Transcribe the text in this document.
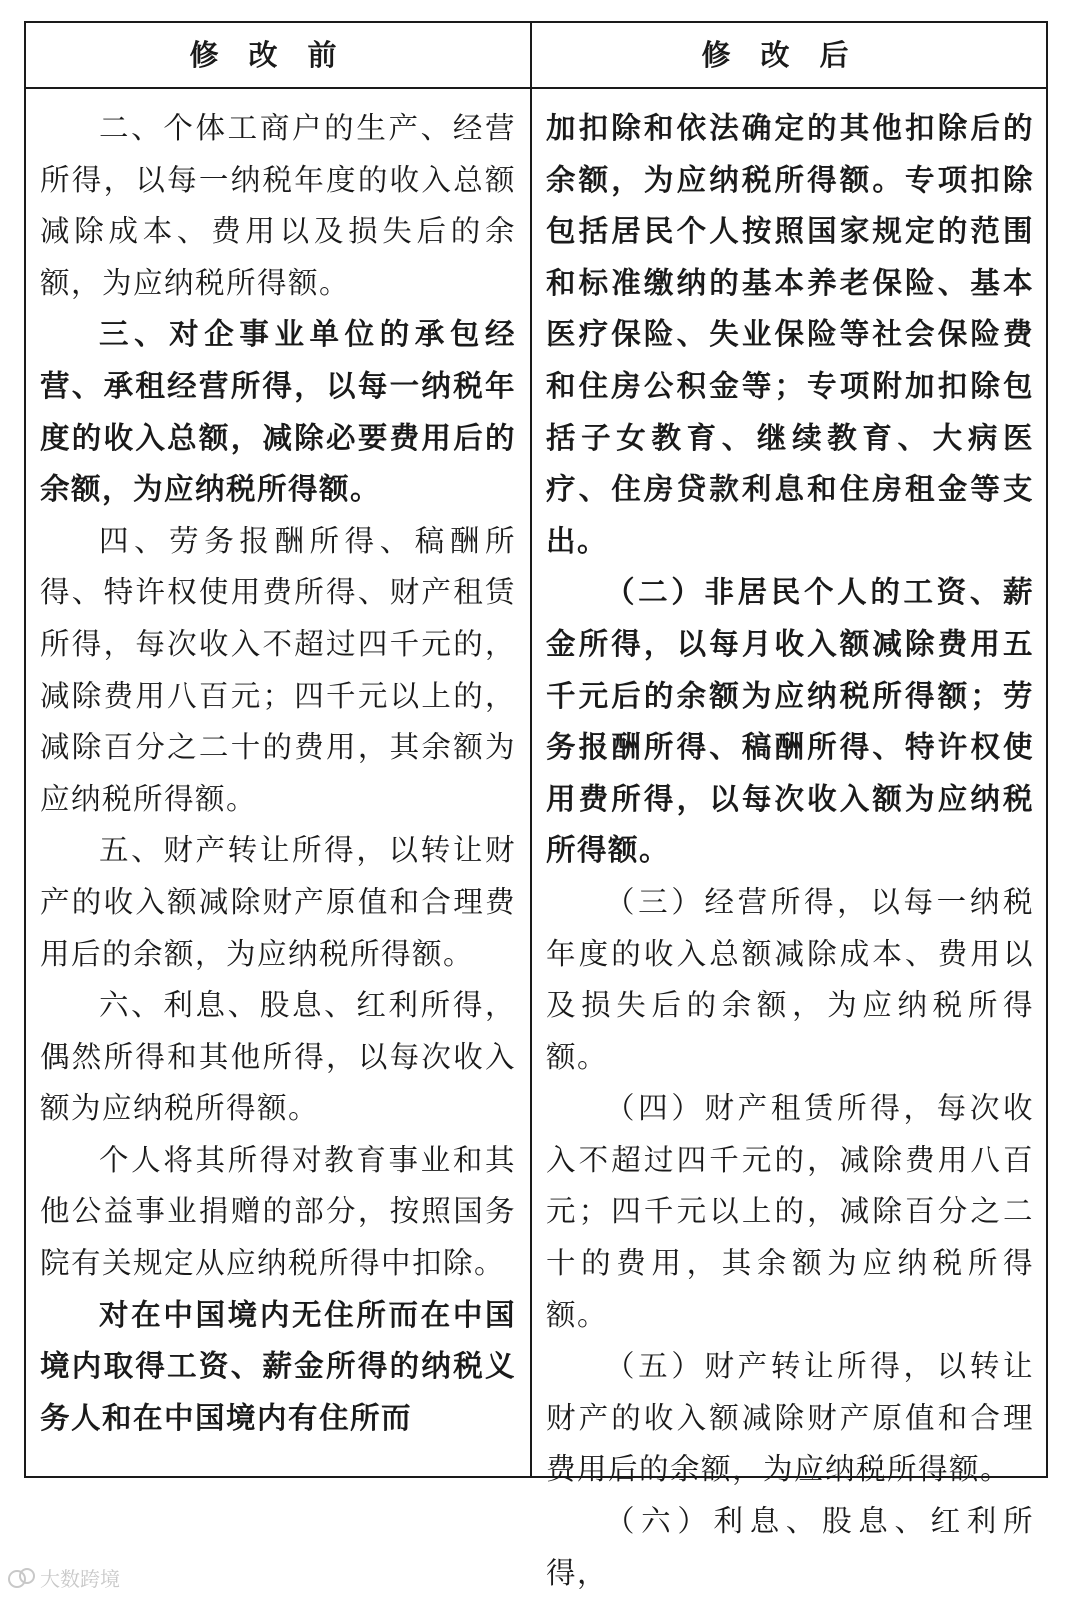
修改前	修改后

二、个体工商户的生产、经营所得，以每一纳税年度的收入总额减除成本、费用以及损失后的余额，为应纳税所得额。

三、对企事业单位的承包经营、承租经营所得，以每一纳税年度的收入总额，减除必要费用后的余额，为应纳税所得额。

四、劳务报酬所得、稿酬所得、特许权使用费所得、财产租赁所得，每次收入不超过四千元的，减除费用八百元；四千元以上的，减除百分之二十的费用，其余额为应纳税所得额。

五、财产转让所得，以转让财产的收入额减除财产原值和合理费用后的余额，为应纳税所得额。

六、利息、股息、红利所得，偶然所得和其他所得，以每次收入额为应纳税所得额。

个人将其所得对教育事业和其他公益事业捐赠的部分，按照国务院有关规定从应纳税所得中扣除。

对在中国境内无住所而在中国境内取得工资、薪金所得的纳税义务人和在中国境内有住所而

加扣除和依法确定的其他扣除后的余额，为应纳税所得额。专项扣除包括居民个人按照国家规定的范围和标准缴纳的基本养老保险、基本医疗保险、失业保险等社会保险费和住房公积金等；专项附加扣除包括子女教育、继续教育、大病医疗、住房贷款利息和住房租金等支出。

（二）非居民个人的工资、薪金所得，以每月收入额减除费用五千元后的余额为应纳税所得额；劳务报酬所得、稿酬所得、特许权使用费所得，以每次收入额为应纳税所得额。

（三）经营所得，以每一纳税年度的收入总额减除成本、费用以及损失后的余额，为应纳税所得额。

（四）财产租赁所得，每次收入不超过四千元的，减除费用八百元；四千元以上的，减除百分之二十的费用，其余额为应纳税所得额。

（五）财产转让所得，以转让财产的收入额减除财产原值和合理费用后的余额，为应纳税所得额。

（六）利息、股息、红利所得，

大数跨境
